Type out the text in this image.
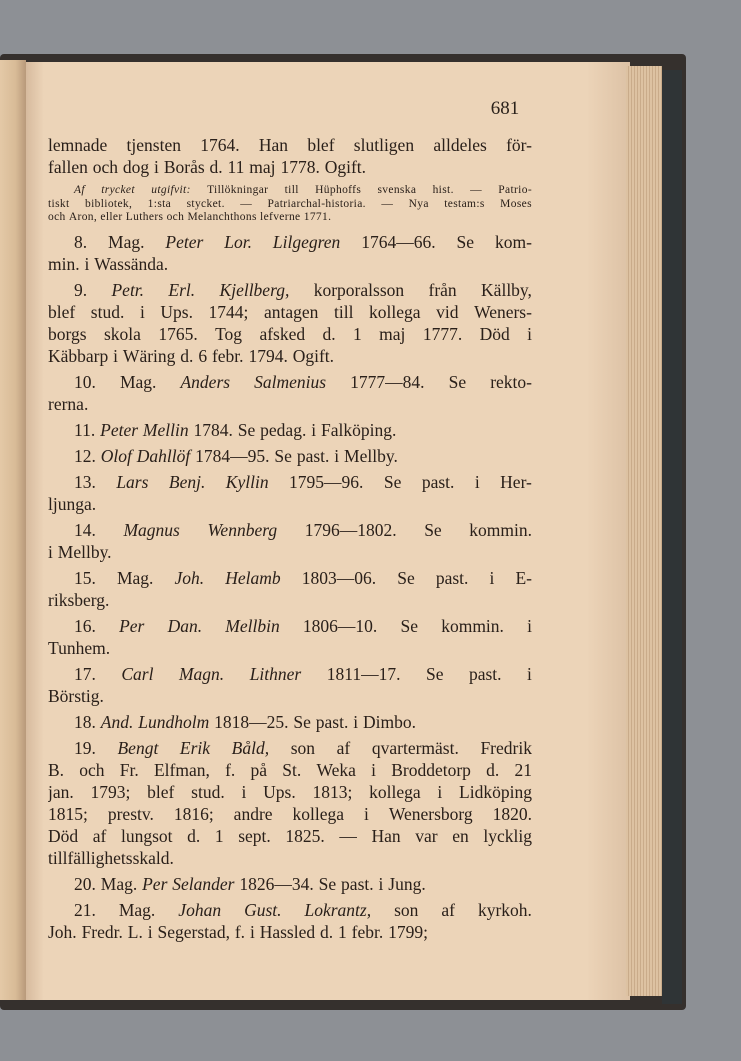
681
lemnade tjensten 1764. Han blef slutligen alldeles för-
fallen och dog i Borås d. 11 maj 1778. Ogift.
Af trycket utgifvit: Tillökningar till Hüphoffs svenska hist. — Patrio-
tiskt bibliotek, 1:sta stycket. — Patriarchal-historia. — Nya testam:s Moses
och Aron, eller Luthers och Melanchthons lefverne 1771.
8. Mag. Peter Lor. Lilgegren 1764—66. Se kom-
min. i Wassända.
9. Petr. Erl. Kjellberg, korporalsson från Källby,
blef stud. i Ups. 1744; antagen till kollega vid Weners-
borgs skola 1765. Tog afsked d. 1 maj 1777. Död i
Käbbarp i Wäring d. 6 febr. 1794. Ogift.
10. Mag. Anders Salmenius 1777—84. Se rekto-
rerna.
11. Peter Mellin 1784. Se pedag. i Falköping.
12. Olof Dahllöf 1784—95. Se past. i Mellby.
13. Lars Benj. Kyllin 1795—96. Se past. i Her-
ljunga.
14. Magnus Wennberg 1796—1802. Se kommin.
i Mellby.
15. Mag. Joh. Helamb 1803—06. Se past. i E-
riksberg.
16. Per Dan. Mellbin 1806—10. Se kommin. i
Tunhem.
17. Carl Magn. Lithner 1811—17. Se past. i
Börstig.
18. And. Lundholm 1818—25. Se past. i Dimbo.
19. Bengt Erik Båld, son af qvartermäst. Fredrik
B. och Fr. Elfman, f. på St. Weka i Broddetorp d. 21
jan. 1793; blef stud. i Ups. 1813; kollega i Lidköping
1815; prestv. 1816; andre kollega i Wenersborg 1820.
Död af lungsot d. 1 sept. 1825. — Han var en lycklig
tillfällighetsskald.
20. Mag. Per Selander 1826—34. Se past. i Jung.
21. Mag. Johan Gust. Lokrantz, son af kyrkoh.
Joh. Fredr. L. i Segerstad, f. i Hassled d. 1 febr. 1799;
